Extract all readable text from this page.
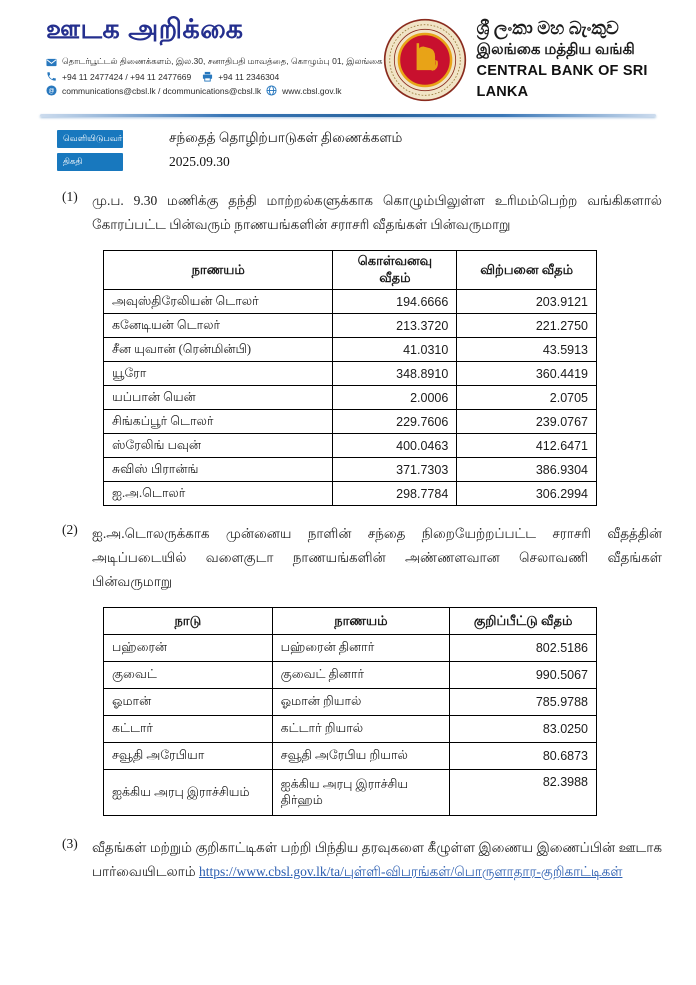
ஊடக அறிக்கை
தொடர்பூட்டல் திணைக்களம், இல.30, சனாதிபதி மாவத்தை, கொழும்பு 01, இலங்கை
+94 11 2477424 / +94 11 2477669	+94 11 2346304
@ communications@cbsl.lk / dcommunications@cbsl.lk www.cbsl.gov.lk
ශ්‍රී ලංකා මහ බැංකුව
இலங்கை மத்திய வங்கி
CENTRAL BANK OF SRI LANKA
வெளியிடுபவர்	சந்தைத் தொழிற்பாடுகள் திணைக்களம்
திகதி	2025.09.30
(1)	மு.ப. 9.30 மணிக்கு தந்தி மாற்றல்களுக்காக கொழும்பிலுள்ள உரிமம்பெற்ற வங்கிகளால் கோரப்பட்ட பின்வரும் நாணயங்களின் சராசரி வீதங்கள் பின்வருமாறு
நாணயம்	கொள்வனவு வீதம்	விற்பனை வீதம்
அவுஸ்திரேலியன் டொலர்	194.6666	203.9121
கனேடியன் டொலர்	213.3720	221.2750
சீன யுவான் (ரென்மின்பி)	41.0310	43.5913
யூரோ	348.8910	360.4419
யப்பான் யென்	2.0006	2.0705
சிங்கப்பூர் டொலர்	229.7606	239.0767
ஸ்ரேலிங் பவுன்	400.0463	412.6471
சுவிஸ் பிரான்ங்	371.7303	386.9304
ஐ.அ.டொலர்	298.7784	306.2994
(2)	ஐ.அ.டொலருக்காக முன்னைய நாளின் சந்தை நிறையேற்றப்பட்ட சராசரி வீதத்தின் அடிப்படையில் வளைகுடா நாணயங்களின் அண்ணளவான செலாவணி வீதங்கள் பின்வருமாறு
நாடு	நாணயம்	குறிப்பீட்டு வீதம்
பஹ்ரைன்	பஹ்ரைன் தினார்	802.5186
குவைட்	குவைட் தினார்	990.5067
ஓமான்	ஓமான் றியால்	785.9788
கட்டார்	கட்டார் றியால்	83.0250
சவூதி அரேபியா	சவூதி அரேபிய றியால்	80.6873
ஐக்கிய அரபு இராச்சியம்	ஐக்கிய அரபு இராச்சிய திர்ஹம்	82.3988
(3)	வீதங்கள் மற்றும் குறிகாட்டிகள் பற்றி பிந்திய தரவுகளை கீழுள்ள இணைய இணைப்பின் ஊடாக பார்வையிடலாம் https://www.cbsl.gov.lk/ta/புள்ளி-விபரங்கள்/பொருளாதார-குறிகாட்டிகள்
